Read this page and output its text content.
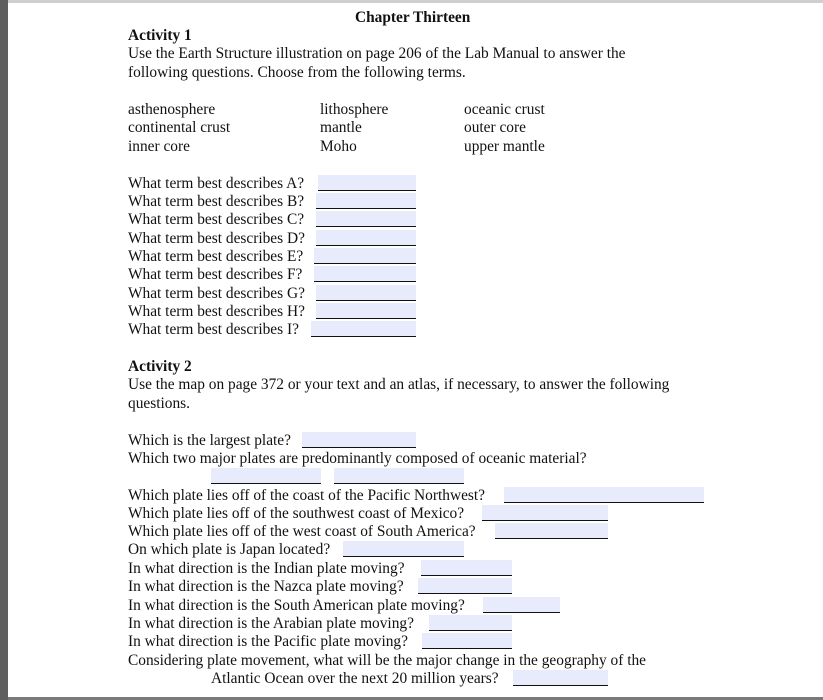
Chapter Thirteen
Activity 1
Use the Earth Structure illustration on page 206 of the Lab Manual to answer the
following questions. Choose from the following terms.
asthenosphere
continental crust
inner core
lithosphere
mantle
Moho
oceanic crust
outer core
upper mantle
What term best describes A?
What term best describes B?
What term best describes C?
What term best describes D?
What term best describes E?
What term best describes F?
What term best describes G?
What term best describes H?
What term best describes I?
Activity 2
Use the map on page 372 or your text and an atlas, if necessary, to answer the following
questions.
Which is the largest plate?
Which two major plates are predominantly composed of oceanic material?
Which plate lies off of the coast of the Pacific Northwest?
Which plate lies off of the southwest coast of Mexico?
Which plate lies off of the west coast of South America?
On which plate is Japan located?
In what direction is the Indian plate moving?
In what direction is the Nazca plate moving?
In what direction is the South American plate moving?
In what direction is the Arabian plate moving?
In what direction is the Pacific plate moving?
Considering plate movement, what will be the major change in the geography of the
Atlantic Ocean over the next 20 million years?
